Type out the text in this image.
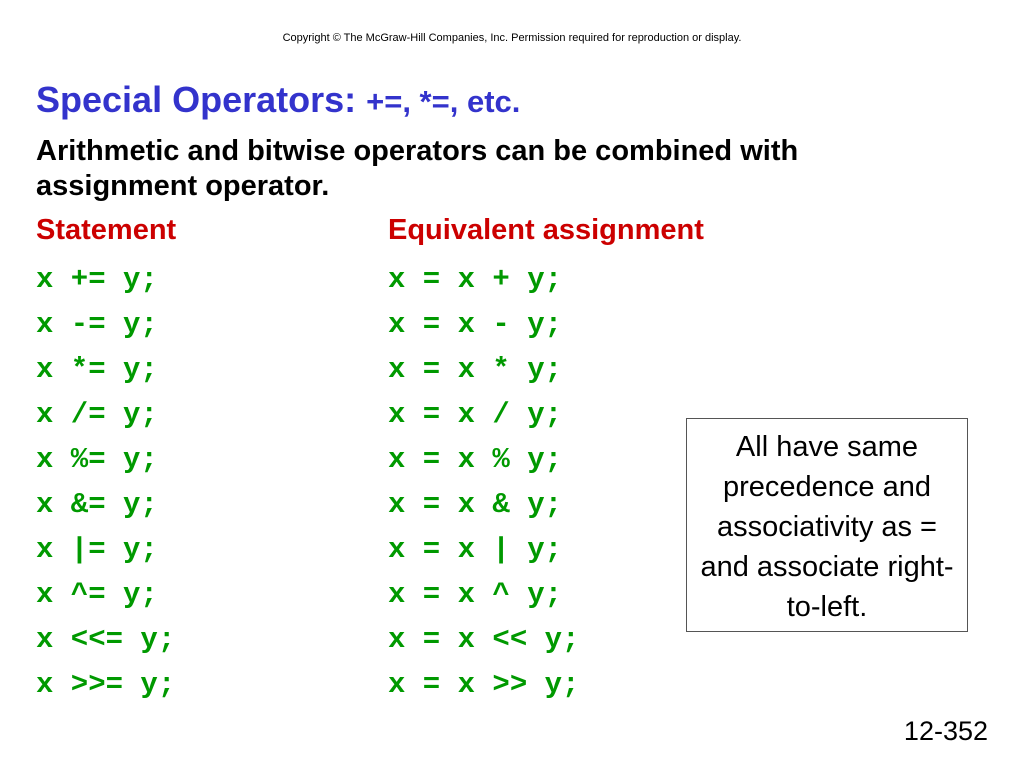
Copyright © The McGraw-Hill Companies, Inc. Permission required for reproduction or display.
Special Operators: +=, *=, etc.
Arithmetic and bitwise operators can be combined with assignment operator.
Statement	Equivalent assignment
x += y;
x -= y;
x *= y;
x /= y;
x %= y;
x &= y;
x |= y;
x ^= y;
x <<= y;
x >>= y;
x = x + y;
x = x - y;
x = x * y;
x = x / y;
x = x % y;
x = x & y;
x = x | y;
x = x ^ y;
x = x << y;
x = x >> y;
All have same precedence and associativity as = and associate right-to-left.
12-352
